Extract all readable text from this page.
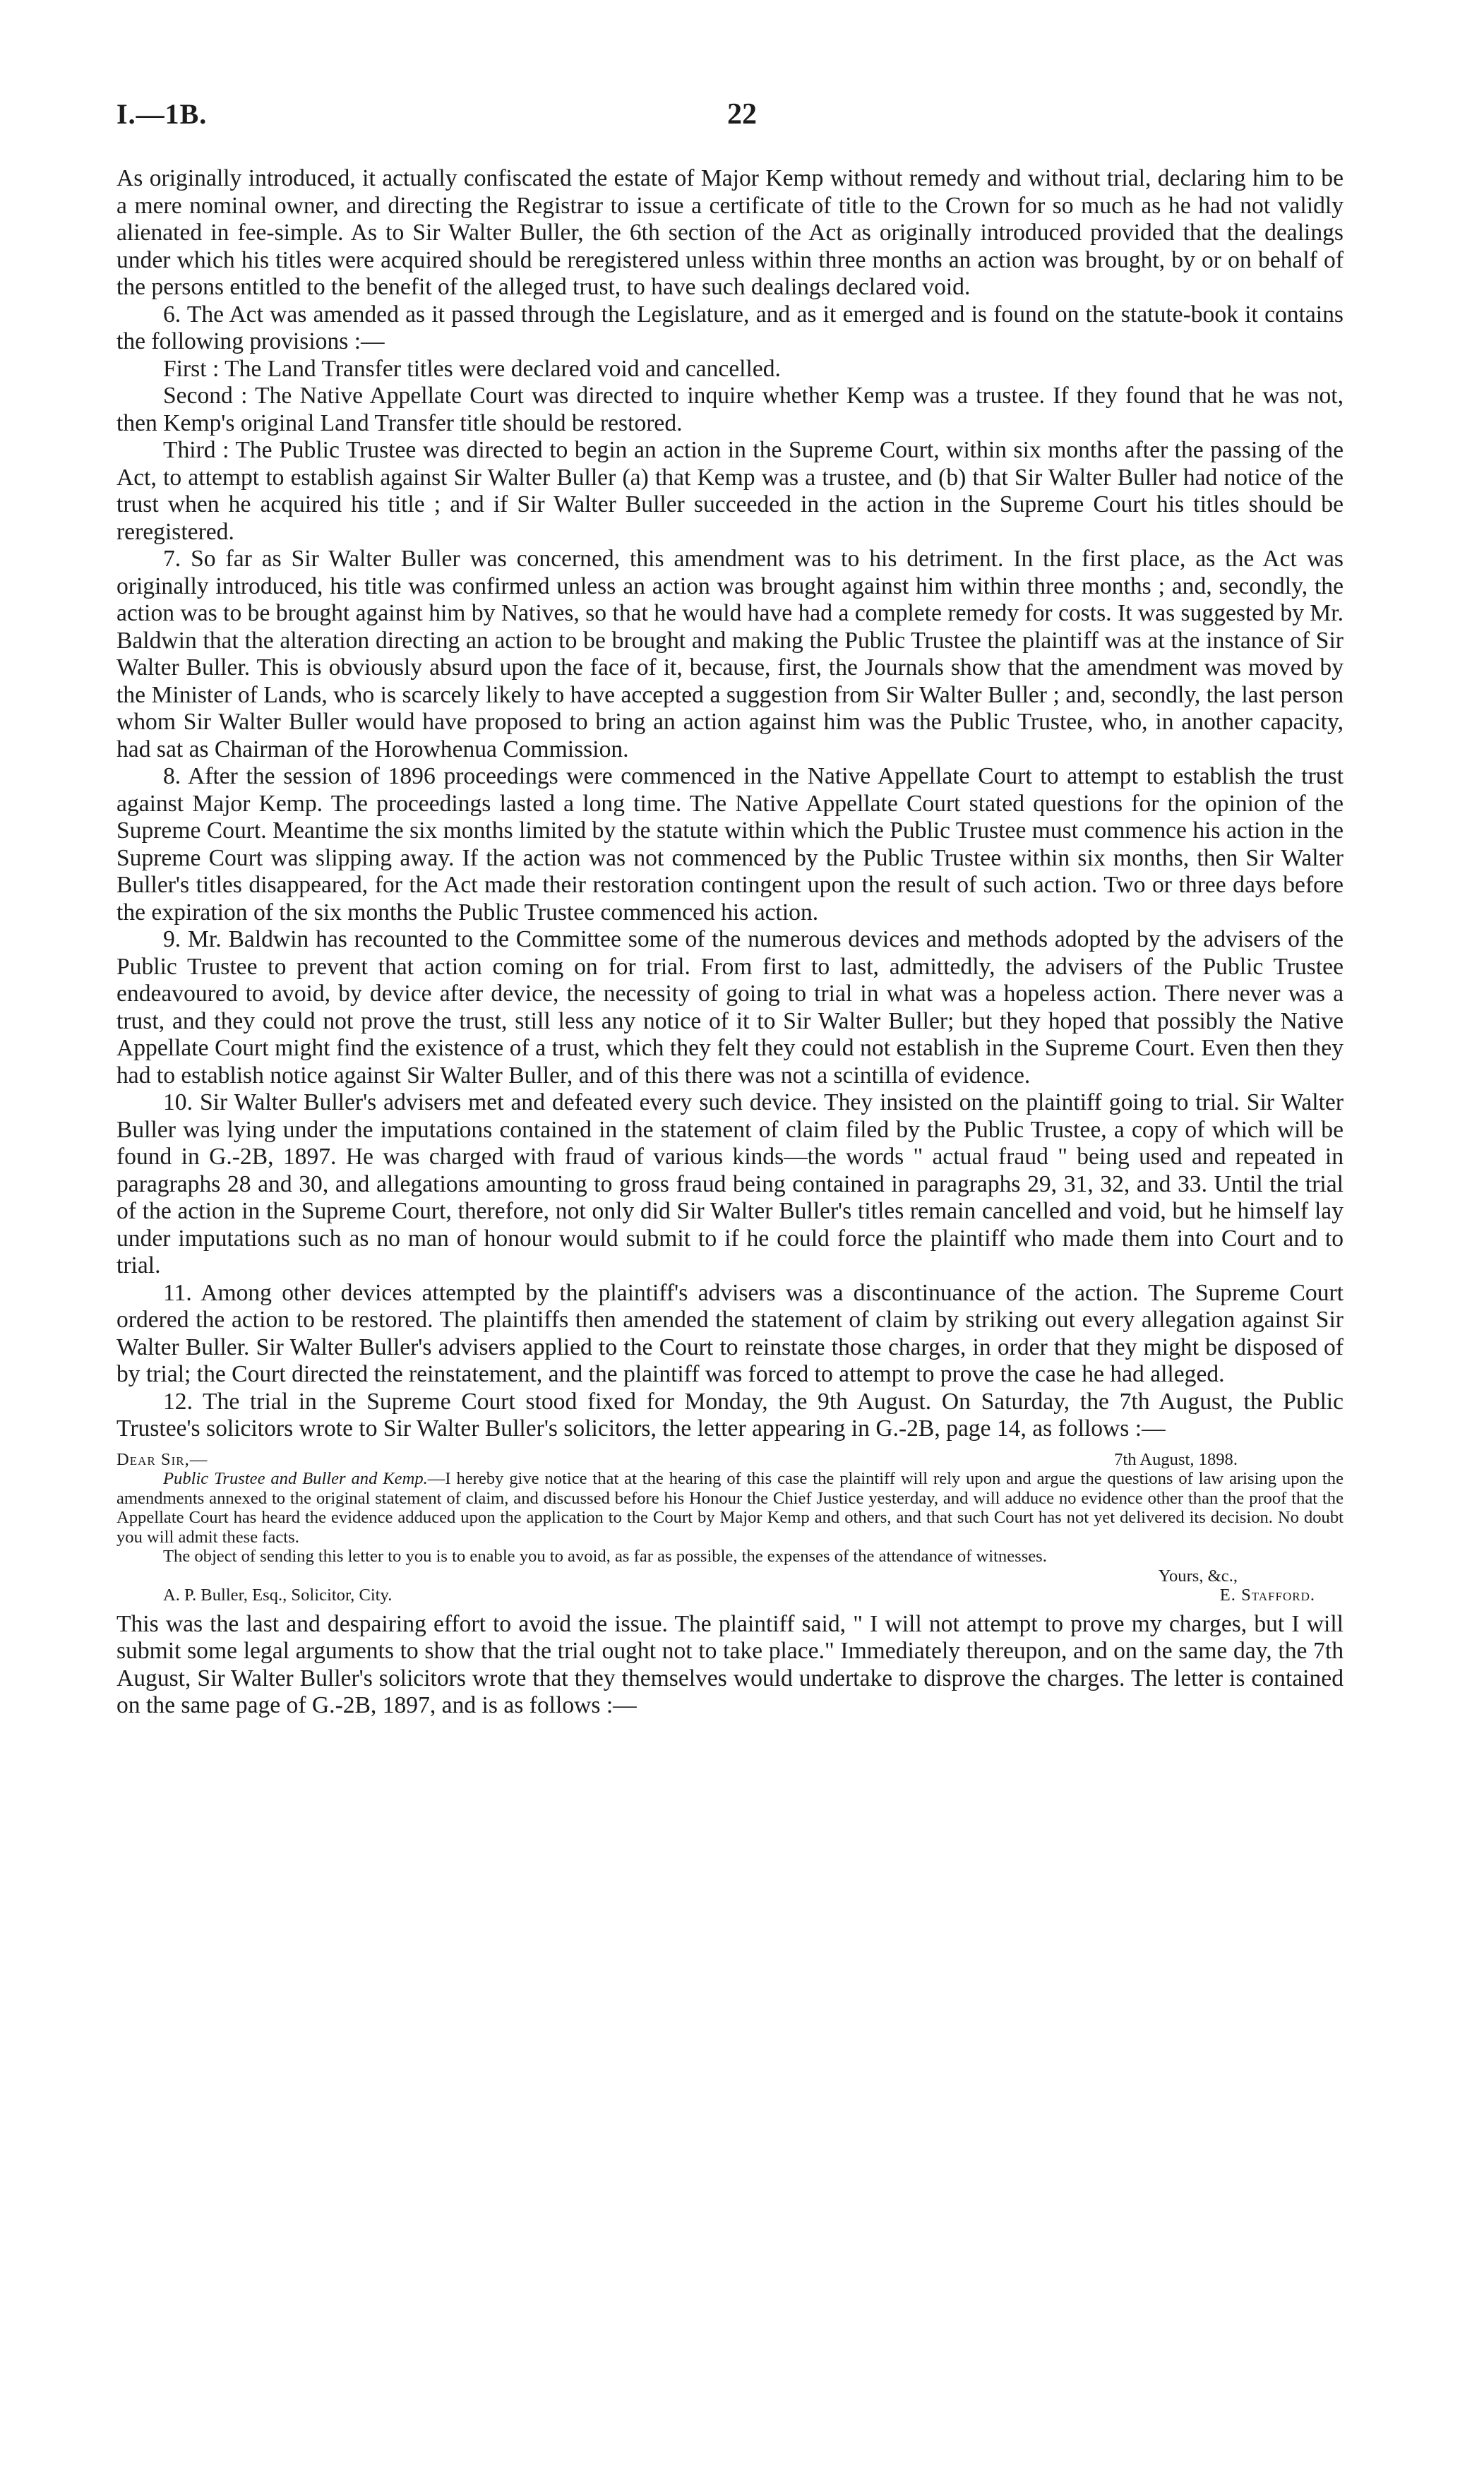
I.—1B.	22

As originally introduced, it actually confiscated the estate of Major Kemp without remedy and without trial, declaring him to be a mere nominal owner, and directing the Registrar to issue a certificate of title to the Crown for so much as he had not validly alienated in fee-simple. As to Sir Walter Buller, the 6th section of the Act as originally introduced provided that the dealings under which his titles were acquired should be reregistered unless within three months an action was brought, by or on behalf of the persons entitled to the benefit of the alleged trust, to have such dealings declared void.

6. The Act was amended as it passed through the Legislature, and as it emerged and is found on the statute-book it contains the following provisions :—

First : The Land Transfer titles were declared void and cancelled.

Second : The Native Appellate Court was directed to inquire whether Kemp was a trustee. If they found that he was not, then Kemp's original Land Transfer title should be restored.

Third : The Public Trustee was directed to begin an action in the Supreme Court, within six months after the passing of the Act, to attempt to establish against Sir Walter Buller (a) that Kemp was a trustee, and (b) that Sir Walter Buller had notice of the trust when he acquired his title ; and if Sir Walter Buller succeeded in the action in the Supreme Court his titles should be reregistered.

7. So far as Sir Walter Buller was concerned, this amendment was to his detriment. In the first place, as the Act was originally introduced, his title was confirmed unless an action was brought against him within three months ; and, secondly, the action was to be brought against him by Natives, so that he would have had a complete remedy for costs. It was suggested by Mr. Baldwin that the alteration directing an action to be brought and making the Public Trustee the plaintiff was at the instance of Sir Walter Buller. This is obviously absurd upon the face of it, because, first, the Journals show that the amendment was moved by the Minister of Lands, who is scarcely likely to have accepted a suggestion from Sir Walter Buller ; and, secondly, the last person whom Sir Walter Buller would have proposed to bring an action against him was the Public Trustee, who, in another capacity, had sat as Chairman of the Horowhenua Commission.

8. After the session of 1896 proceedings were commenced in the Native Appellate Court to attempt to establish the trust against Major Kemp. The proceedings lasted a long time. The Native Appellate Court stated questions for the opinion of the Supreme Court. Meantime the six months limited by the statute within which the Public Trustee must commence his action in the Supreme Court was slipping away. If the action was not commenced by the Public Trustee within six months, then Sir Walter Buller's titles disappeared, for the Act made their restoration contingent upon the result of such action. Two or three days before the expiration of the six months the Public Trustee commenced his action.

9. Mr. Baldwin has recounted to the Committee some of the numerous devices and methods adopted by the advisers of the Public Trustee to prevent that action coming on for trial. From first to last, admittedly, the advisers of the Public Trustee endeavoured to avoid, by device after device, the necessity of going to trial in what was a hopeless action. There never was a trust, and they could not prove the trust, still less any notice of it to Sir Walter Buller; but they hoped that possibly the Native Appellate Court might find the existence of a trust, which they felt they could not establish in the Supreme Court. Even then they had to establish notice against Sir Walter Buller, and of this there was not a scintilla of evidence.

10. Sir Walter Buller's advisers met and defeated every such device. They insisted on the plaintiff going to trial. Sir Walter Buller was lying under the imputations contained in the statement of claim filed by the Public Trustee, a copy of which will be found in G.-2B, 1897. He was charged with fraud of various kinds—the words " actual fraud " being used and repeated in paragraphs 28 and 30, and allegations amounting to gross fraud being contained in paragraphs 29, 31, 32, and 33. Until the trial of the action in the Supreme Court, therefore, not only did Sir Walter Buller's titles remain cancelled and void, but he himself lay under imputations such as no man of honour would submit to if he could force the plaintiff who made them into Court and to trial.

11. Among other devices attempted by the plaintiff's advisers was a discontinuance of the action. The Supreme Court ordered the action to be restored. The plaintiffs then amended the statement of claim by striking out every allegation against Sir Walter Buller. Sir Walter Buller's advisers applied to the Court to reinstate those charges, in order that they might be disposed of by trial; the Court directed the reinstatement, and the plaintiff was forced to attempt to prove the case he had alleged.

12. The trial in the Supreme Court stood fixed for Monday, the 9th August. On Saturday, the 7th August, the Public Trustee's solicitors wrote to Sir Walter Buller's solicitors, the letter appearing in G.-2B, page 14, as follows :—

Dear Sir,—	7th August, 1898.

Public Trustee and Buller and Kemp.—I hereby give notice that at the hearing of this case the plaintiff will rely upon and argue the questions of law arising upon the amendments annexed to the original statement of claim, and discussed before his Honour the Chief Justice yesterday, and will adduce no evidence other than the proof that the Appellate Court has heard the evidence adduced upon the application to the Court by Major Kemp and others, and that such Court has not yet delivered its decision. No doubt you will admit these facts.

The object of sending this letter to you is to enable you to avoid, as far as possible, the expenses of the attendance of witnesses.

Yours, &c.,
A. P. Buller, Esq., Solicitor, City.	E. Stafford.

This was the last and despairing effort to avoid the issue. The plaintiff said, " I will not attempt to prove my charges, but I will submit some legal arguments to show that the trial ought not to take place." Immediately thereupon, and on the same day, the 7th August, Sir Walter Buller's solicitors wrote that they themselves would undertake to disprove the charges. The letter is contained on the same page of G.-2B, 1897, and is as follows :—
